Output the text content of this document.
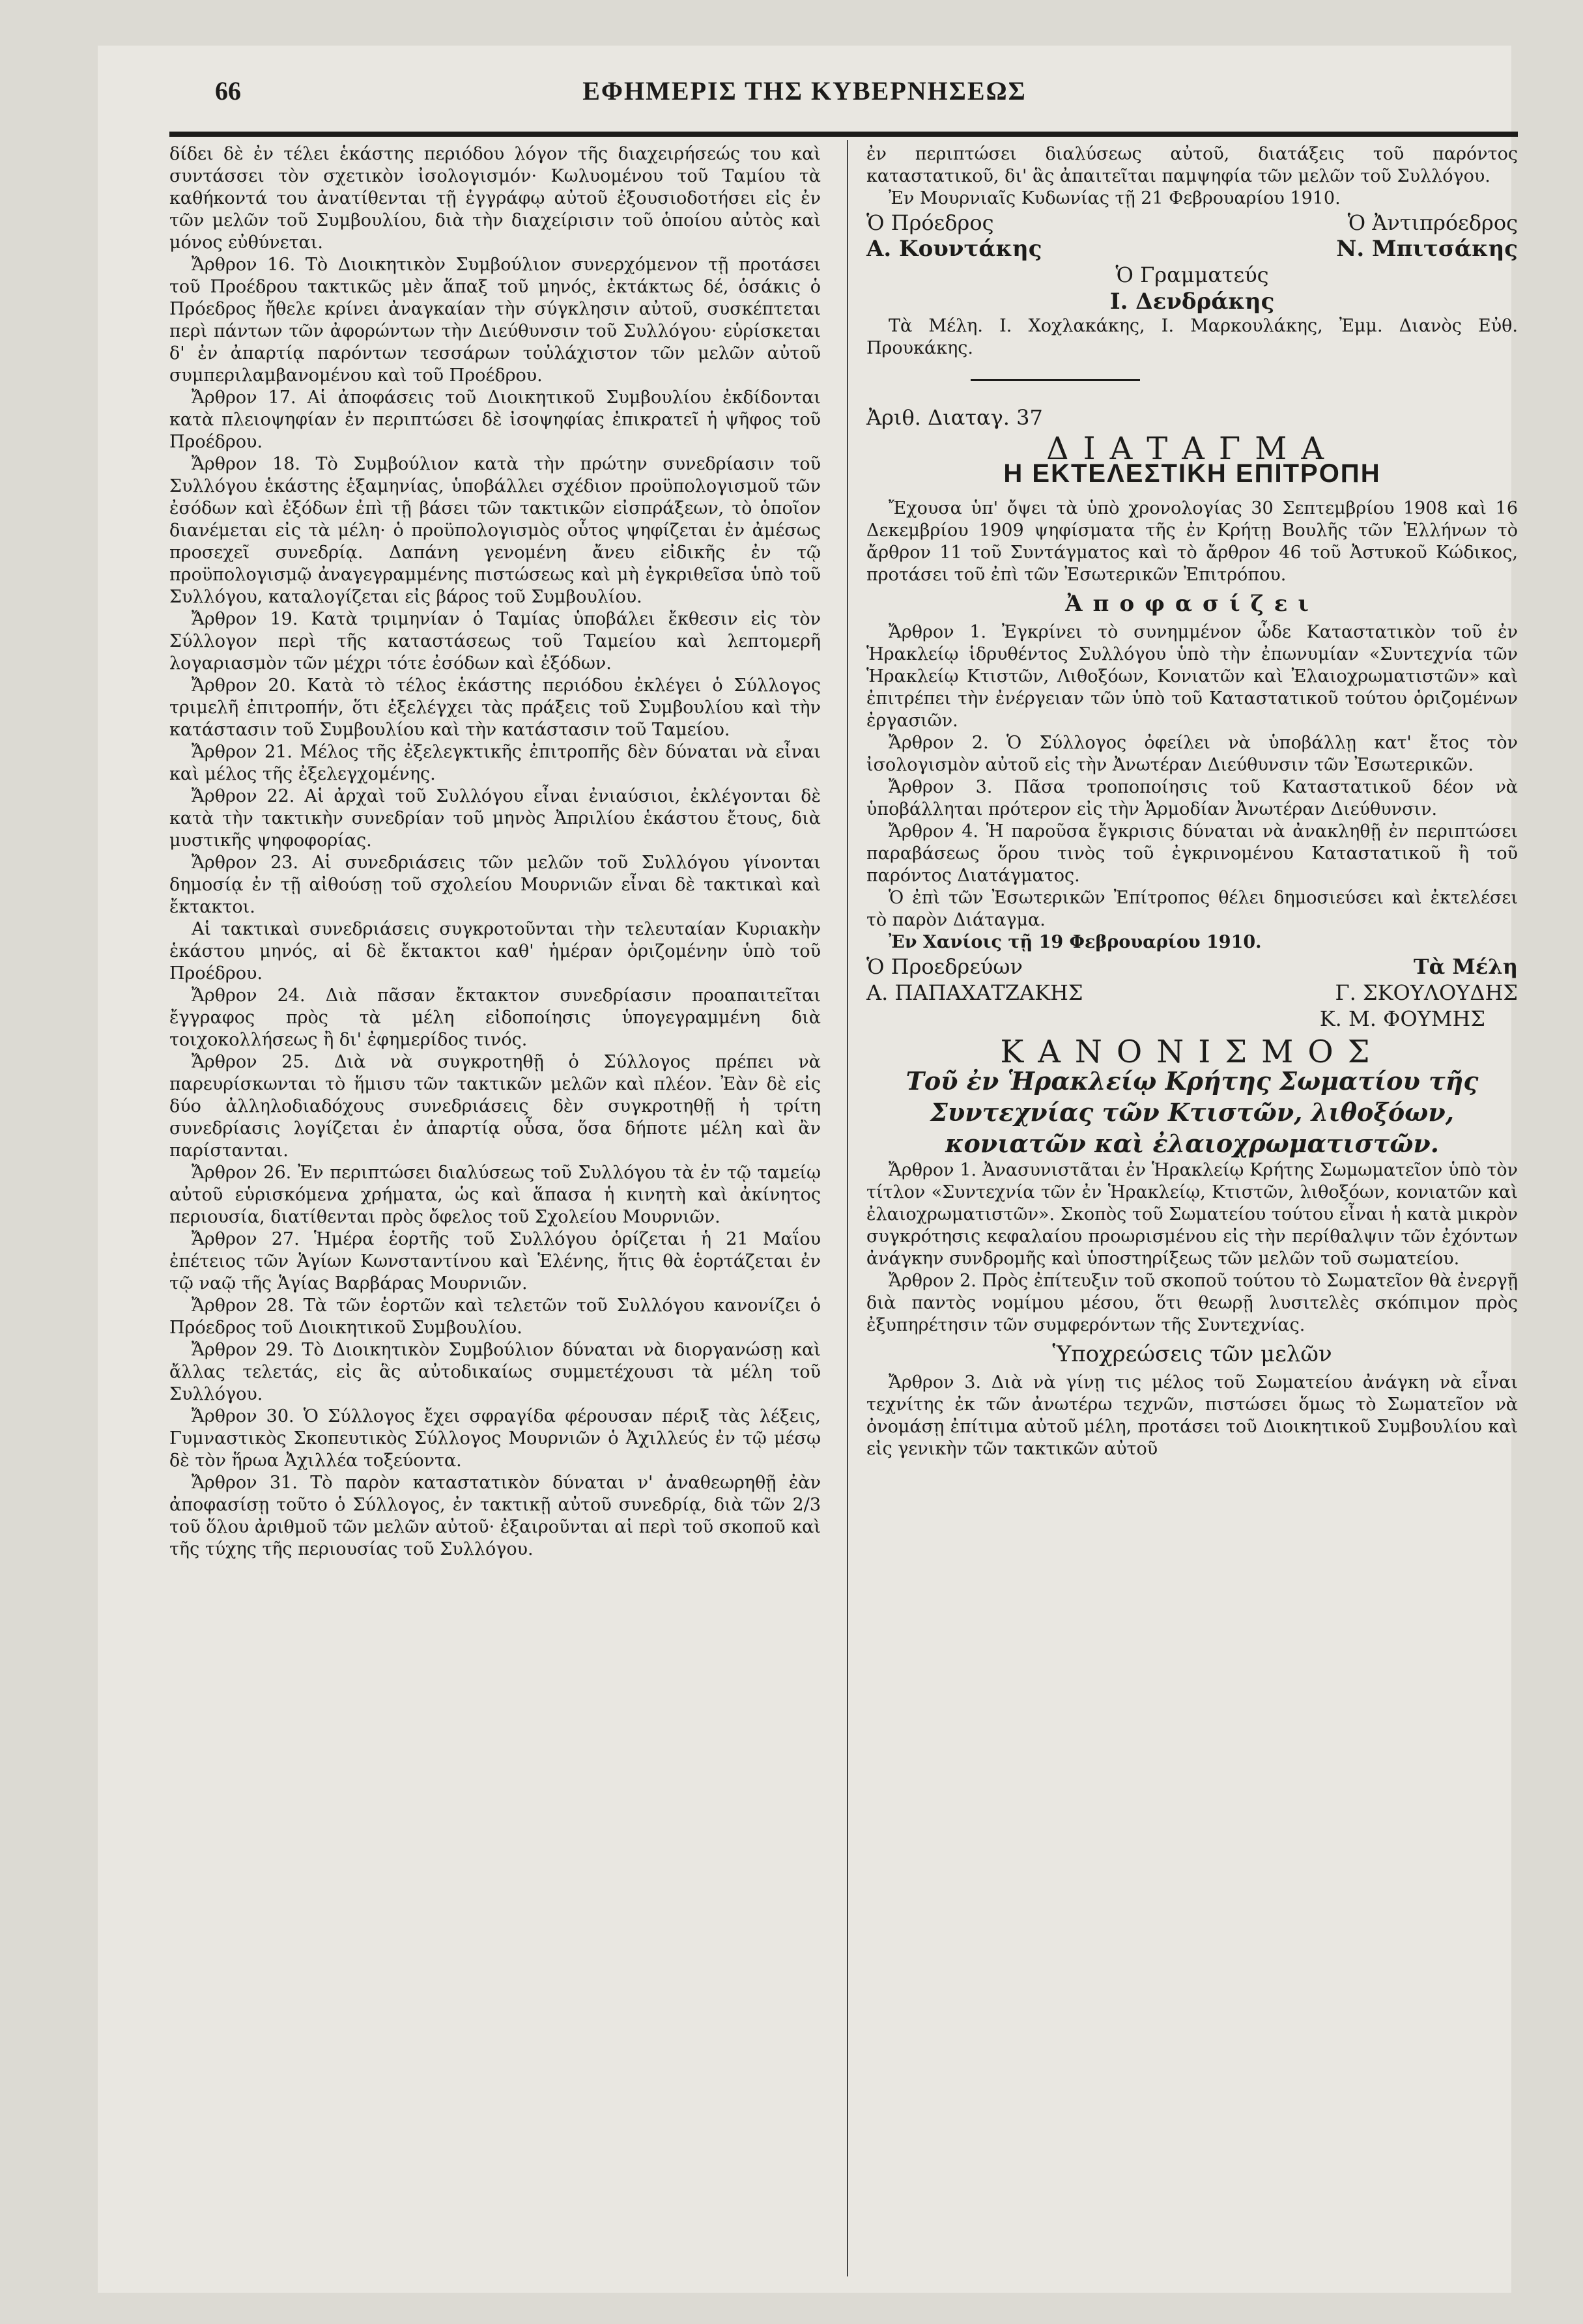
66	ΕΦΗΜΕΡΙΣ ΤΗΣ ΚΥΒΕΡΝΗΣΕΩΣ

δίδει δὲ ἐν τέλει ἑκάστης περιόδου λόγον τῆς διαχειρήσεώς του καὶ συντάσσει τὸν σχετικὸν ἰσολογισμόν· Κωλυομένου τοῦ Ταμίου τὰ καθήκοντά του ἀνατίθενται τῇ ἐγγράφῳ αὐτοῦ ἐξουσιοδοτήσει εἰς ἐν τῶν μελῶν τοῦ Συμβουλίου, διὰ τὴν διαχείρισιν τοῦ ὁποίου αὐτὸς καὶ μόνος εὐθύνεται.

Ἄρθρον 16. Τὸ Διοικητικὸν Συμβούλιον συνερχόμενον τῇ προτάσει τοῦ Προέδρου τακτικῶς μὲν ἅπαξ τοῦ μηνός, ἐκτάκτως δέ, ὁσάκις ὁ Πρόεδρος ἤθελε κρίνει ἀναγκαίαν τὴν σύγκλησιν αὐτοῦ, συσκέπτεται περὶ πάντων τῶν ἀφορώντων τὴν Διεύθυνσιν τοῦ Συλλόγου· εὑρίσκεται δ' ἐν ἀπαρτίᾳ παρόντων τεσσάρων τοὐλάχιστον τῶν μελῶν αὐτοῦ συμπεριλαμβανομένου καὶ τοῦ Προέδρου.

Ἄρθρον 17. Αἱ ἀποφάσεις τοῦ Διοικητικοῦ Συμβουλίου ἐκδίδονται κατὰ πλειοψηφίαν ἐν περιπτώσει δὲ ἰσοψηφίας ἐπικρατεῖ ἡ ψῆφος τοῦ Προέδρου.

Ἄρθρον 18. Τὸ Συμβούλιον κατὰ τὴν πρώτην συνεδρίασιν τοῦ Συλλόγου ἑκάστης ἑξαμηνίας, ὑποβάλλει σχέδιον προϋπολογισμοῦ τῶν ἐσόδων καὶ ἐξόδων ἐπὶ τῇ βάσει τῶν τακτικῶν εἰσπράξεων, τὸ ὁποῖον διανέμεται εἰς τὰ μέλη· ὁ προϋπολογισμὸς οὗτος ψηφίζεται ἐν ἀμέσως προσεχεῖ συνεδρίᾳ. Δαπάνη γενομένη ἄνευ εἰδικῆς ἐν τῷ προϋπολογισμῷ ἀναγεγραμμένης πιστώσεως καὶ μὴ ἐγκριθεῖσα ὑπὸ τοῦ Συλλόγου, καταλογίζεται εἰς βάρος τοῦ Συμβουλίου.

Ἄρθρον 19. Κατὰ τριμηνίαν ὁ Ταμίας ὑποβάλει ἔκθεσιν εἰς τὸν Σύλλογον περὶ τῆς καταστάσεως τοῦ Ταμείου καὶ λεπτομερῆ λογαριασμὸν τῶν μέχρι τότε ἐσόδων καὶ ἐξόδων.

Ἄρθρον 20. Κατὰ τὸ τέλος ἑκάστης περιόδου ἐκλέγει ὁ Σύλλογος τριμελῆ ἐπιτροπήν, ὅτι ἐξελέγχει τὰς πράξεις τοῦ Συμβουλίου καὶ τὴν κατάστασιν τοῦ Συμβουλίου καὶ τὴν κατάστασιν τοῦ Ταμείου.

Ἄρθρον 21. Μέλος τῆς ἐξελεγκτικῆς ἐπιτροπῆς δὲν δύναται νὰ εἶναι καὶ μέλος τῆς ἐξελεγχομένης.

Ἄρθρον 22. Αἱ ἀρχαὶ τοῦ Συλλόγου εἶναι ἐνιαύσιοι, ἐκλέγονται δὲ κατὰ τὴν τακτικὴν συνεδρίαν τοῦ μηνὸς Ἀπριλίου ἑκάστου ἔτους, διὰ μυστικῆς ψηφοφορίας.

Ἄρθρον 23. Αἱ συνεδριάσεις τῶν μελῶν τοῦ Συλλόγου γίνονται δημοσίᾳ ἐν τῇ αἰθούσῃ τοῦ σχολείου Μουρνιῶν εἶναι δὲ τακτικαὶ καὶ ἔκτακτοι.

Αἱ τακτικαὶ συνεδριάσεις συγκροτοῦνται τὴν τελευταίαν Κυριακὴν ἑκάστου μηνός, αἱ δὲ ἔκτακτοι καθ' ἡμέραν ὁριζομένην ὑπὸ τοῦ Προέδρου.

Ἄρθρον 24. Διὰ πᾶσαν ἔκτακτον συνεδρίασιν προαπαιτεῖται ἔγγραφος πρὸς τὰ μέλη εἰδοποίησις ὑπογεγραμμένη διὰ τοιχοκολλήσεως ἢ δι' ἐφημερίδος τινός.

Ἄρθρον 25. Διὰ νὰ συγκροτηθῇ ὁ Σύλλογος πρέπει νὰ παρευρίσκωνται τὸ ἥμισυ τῶν τακτικῶν μελῶν καὶ πλέον. Ἐὰν δὲ εἰς δύο ἀλληλοδιαδόχους συνεδριάσεις δὲν συγκροτηθῇ ἡ τρίτη συνεδρίασις λογίζεται ἐν ἀπαρτίᾳ οὖσα, ὅσα δήποτε μέλη καὶ ἂν παρίστανται.

Ἄρθρον 26. Ἐν περιπτώσει διαλύσεως τοῦ Συλλόγου τὰ ἐν τῷ ταμείῳ αὐτοῦ εὑρισκόμενα χρήματα, ὡς καὶ ἅπασα ἡ κινητὴ καὶ ἀκίνητος περιουσία, διατίθενται πρὸς ὄφελος τοῦ Σχολείου Μουρνιῶν.

Ἄρθρον 27. Ἡμέρα ἑορτῆς τοῦ Συλλόγου ὁρίζεται ἡ 21 Μαΐου ἐπέτειος τῶν Ἁγίων Κωνσταντίνου καὶ Ἑλένης, ἥτις θὰ ἑορτάζεται ἐν τῷ ναῷ τῆς Ἁγίας Βαρβάρας Μουρνιῶν.

Ἄρθρον 28. Τὰ τῶν ἑορτῶν καὶ τελετῶν τοῦ Συλλόγου κανονίζει ὁ Πρόεδρος τοῦ Διοικητικοῦ Συμβουλίου.

Ἄρθρον 29. Τὸ Διοικητικὸν Συμβούλιον δύναται νὰ διοργανώσῃ καὶ ἄλλας τελετάς, εἰς ἃς αὐτοδικαίως συμμετέχουσι τὰ μέλη τοῦ Συλλόγου.

Ἄρθρον 30. Ὁ Σύλλογος ἔχει σφραγίδα φέρουσαν πέριξ τὰς λέξεις, Γυμναστικὸς Σκοπευτικὸς Σύλλογος Μουρνιῶν ὁ Ἀχιλλεύς ἐν τῷ μέσῳ δὲ τὸν ἥρωα Ἀχιλλέα τοξεύοντα.

Ἄρθρον 31. Τὸ παρὸν καταστατικὸν δύναται ν' ἀναθεωρηθῇ ἐὰν ἀποφασίσῃ τοῦτο ὁ Σύλλογος, ἐν τακτικῇ αὐτοῦ συνεδρίᾳ, διὰ τῶν 2/3 τοῦ ὅλου ἀριθμοῦ τῶν μελῶν αὐτοῦ· ἐξαιροῦνται αἱ περὶ τοῦ σκοποῦ καὶ τῆς τύχης τῆς περιουσίας τοῦ Συλλόγου.

ἐν περιπτώσει διαλύσεως αὐτοῦ, διατάξεις τοῦ παρόντος καταστατικοῦ, δι' ἃς ἀπαιτεῖται παμψηφία τῶν μελῶν τοῦ Συλλόγου.

Ἐν Μουρνιαῖς Κυδωνίας τῇ 21 Φεβρουαρίου 1910.

Ὁ Πρόεδρος	Ὁ Ἀντιπρόεδρος
Α. Κουντάκης	Ν. Μπιτσάκης
Ὁ Γραμματεύς
Ι. Δενδράκης

Τὰ Μέλη. Ι. Χοχλακάκης, Ι. Μαρκουλάκης, Ἐμμ. Διανὸς Εὐθ. Προυκάκης.

Ἀριθ. Διαταγ. 37
ΔΙΑΤΑΓΜΑ
Η ΕΚΤΕΛΕΣΤΙΚΗ ΕΠΙΤΡΟΠΗ

Ἔχουσα ὑπ' ὄψει τὰ ὑπὸ χρονολογίας 30 Σεπτεμβρίου 1908 καὶ 16 Δεκεμβρίου 1909 ψηφίσματα τῆς ἐν Κρήτῃ Βουλῆς τῶν Ἑλλήνων τὸ ἄρθρον 11 τοῦ Συντάγματος καὶ τὸ ἄρθρον 46 τοῦ Ἀστυκοῦ Κώδικος, προτάσει τοῦ ἐπὶ τῶν Ἐσωτερικῶν Ἐπιτρόπου.

Ἀποφασίζει

Ἄρθρον 1. Ἐγκρίνει τὸ συνημμένον ὧδε Καταστατικὸν τοῦ ἐν Ἡρακλείῳ ἱδρυθέντος Συλλόγου ὑπὸ τὴν ἐπωνυμίαν «Συντεχνία τῶν Ἡρακλείῳ Κτιστῶν, Λιθοξόων, Κονιατῶν καὶ Ἐλαιοχρωματιστῶν» καὶ ἐπιτρέπει τὴν ἐνέργειαν τῶν ὑπὸ τοῦ Καταστατικοῦ τούτου ὁριζομένων ἐργασιῶν.

Ἄρθρον 2. Ὁ Σύλλογος ὀφείλει νὰ ὑποβάλλῃ κατ' ἔτος τὸν ἰσολογισμὸν αὐτοῦ εἰς τὴν Ἀνωτέραν Διεύθυνσιν τῶν Ἐσωτερικῶν.

Ἄρθρον 3. Πᾶσα τροποποίησις τοῦ Καταστατικοῦ δέον νὰ ὑποβάλληται πρότερον εἰς τὴν Ἁρμοδίαν Ἀνωτέραν Διεύθυνσιν.

Ἄρθρον 4. Ἡ παροῦσα ἔγκρισις δύναται νὰ ἀνακληθῇ ἐν περιπτώσει παραβάσεως ὅρου τινὸς τοῦ ἐγκρινομένου Καταστατικοῦ ἢ τοῦ παρόντος Διατάγματος.

Ὁ ἐπὶ τῶν Ἐσωτερικῶν Ἐπίτροπος θέλει δημοσιεύσει καὶ ἐκτελέσει τὸ παρὸν Διάταγμα.

Ἐν Χανίοις τῇ 19 Φεβρουαρίου 1910.

Ὁ Προεδρεύων	Τὰ Μέλη
Α. ΠΑΠΑΧΑΤΖΑΚΗΣ	Γ. ΣΚΟΥΛΟΥΔΗΣ
Κ. Μ. ΦΟΥΜΗΣ
ΚΑΝΟΝΙΣΜΟΣ
Τοῦ ἐν Ἡρακλείῳ Κρήτης Σωματίου τῆς Συντεχνίας τῶν Κτιστῶν, λιθοξόων, κονιατῶν καὶ ἐλαιοχρωματιστῶν.

Ἄρθρον 1. Ἀνασυνιστᾶται ἐν Ἡρακλείῳ Κρήτης Σωμωματεῖον ὑπὸ τὸν τίτλον «Συντεχνία τῶν ἐν Ἡρακλείῳ, Κτιστῶν, λιθοξόων, κονιατῶν καὶ ἐλαιοχρωματιστῶν». Σκοπὸς τοῦ Σωματείου τούτου εἶναι ἡ κατὰ μικρὸν συγκρότησις κεφαλαίου προωρισμένου εἰς τὴν περίθαλψιν τῶν ἐχόντων ἀνάγκην συνδρομῆς καὶ ὑποστηρίξεως τῶν μελῶν τοῦ σωματείου.

Ἄρθρον 2. Πρὸς ἐπίτευξιν τοῦ σκοποῦ τούτου τὸ Σωματεῖον θὰ ἐνεργῇ διὰ παντὸς νομίμου μέσου, ὅτι θεωρῇ λυσιτελὲς σκόπιμον πρὸς ἐξυπηρέτησιν τῶν συμφερόντων τῆς Συντεχνίας.

Ὑποχρεώσεις τῶν μελῶν

Ἄρθρον 3. Διὰ νὰ γίνῃ τις μέλος τοῦ Σωματείου ἀνάγκη νὰ εἶναι τεχνίτης ἐκ τῶν ἀνωτέρω τεχνῶν, πιστώσει ὅμως τὸ Σωματεῖον νὰ ὀνομάσῃ ἐπίτιμα αὐτοῦ μέλη, προτάσει τοῦ Διοικητικοῦ Συμβουλίου καὶ εἰς γενικὴν τῶν τακτικῶν αὐτοῦ
